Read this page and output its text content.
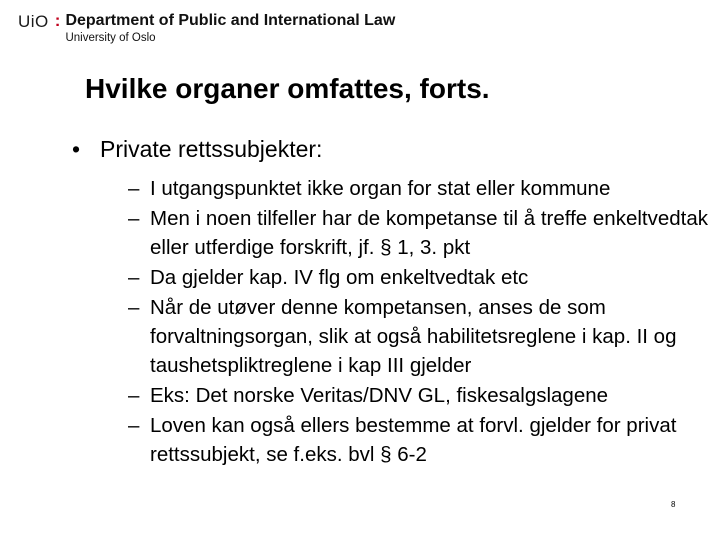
UiO : Department of Public and International Law
University of Oslo
Hvilke organer omfattes, forts.
• Private rettssubjekter:
– I utgangspunktet ikke organ for stat eller kommune
– Men i noen tilfeller har de kompetanse til å treffe enkeltvedtak eller utferdige forskrift, jf. § 1, 3. pkt
– Da gjelder kap. IV flg om enkeltvedtak etc
– Når de utøver denne kompetansen, anses de som forvaltningsorgan, slik at også habilitetsreglene i kap. II og taushetspliktreglene i kap III gjelder
– Eks: Det norske Veritas/DNV GL, fiskesalgslagene
– Loven kan også ellers bestemme at forvl. gjelder for privat rettssubjekt, se f.eks. bvl § 6-2
8
